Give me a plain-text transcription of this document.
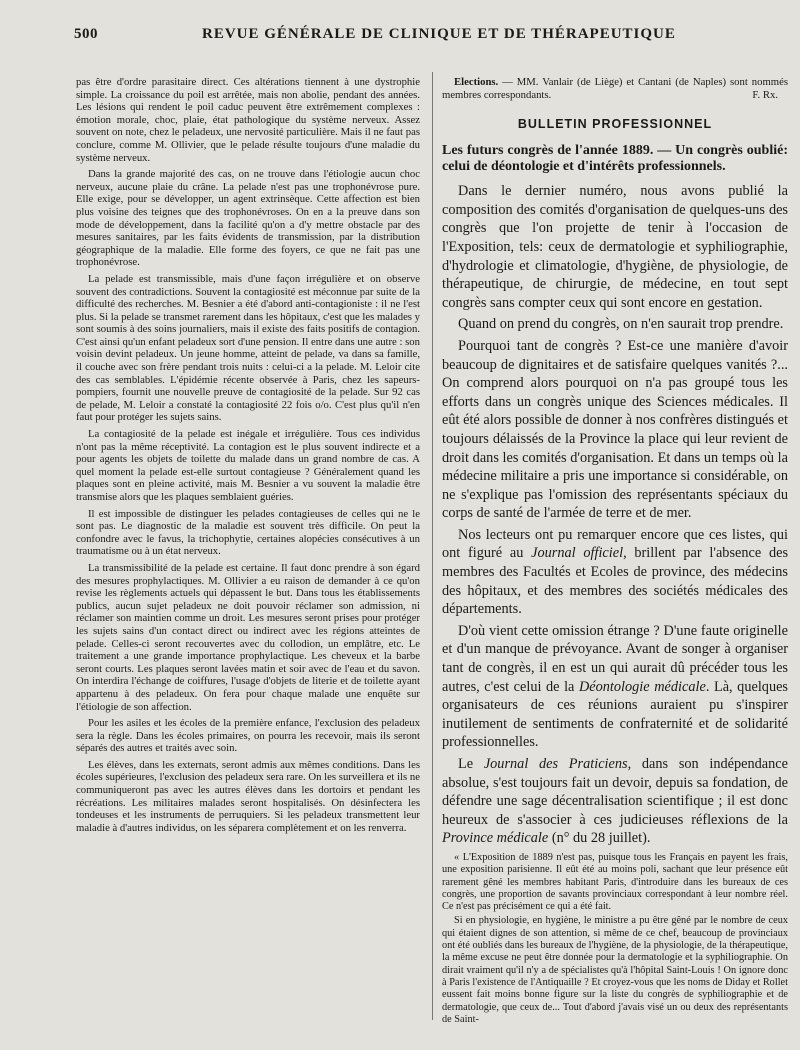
500	REVUE GÉNÉRALE DE CLINIQUE ET DE THÉRAPEUTIQUE

pas être d'ordre parasitaire direct. Ces altérations tiennent à une dystrophie simple. La croissance du poil est arrêtée, mais non abolie, pendant des années. Les lésions qui rendent le poil caduc peuvent être extrêmement complexes : émotion morale, choc, plaie, état pathologique du système nerveux. Assez souvent on note, chez le peladeux, une nervosité particulière. Mais il ne faut pas conclure, comme M. Ollivier, que le pelade résulte toujours d'une maladie du système nerveux.

Dans la grande majorité des cas, on ne trouve dans l'étiologie aucun choc nerveux, aucune plaie du crâne. La pelade n'est pas une trophonévrose pure. Elle exige, pour se développer, un agent extrinsèque. Cette affection est bien plus voisine des teignes que des trophonévroses. On en a la preuve dans son mode de développement, dans la facilité qu'on a d'y mettre obstacle par des mesures sanitaires, par les faits évidents de transmission, par la distribution géographique de la maladie. Elle forme des foyers, ce que ne fait pas une trophonévrose.

La pelade est transmissible, mais d'une façon irrégulière et on observe souvent des contradictions. Souvent la contagiosité est méconnue par suite de la difficulté des recherches. M. Besnier a été d'abord anti-contagioniste : il ne l'est plus. Si la pelade se transmet rarement dans les hôpitaux, c'est que les malades y sont soumis à des soins journaliers, mais il existe des faits positifs de contagion. C'est ainsi qu'un enfant peladeux sort d'une pension. Il entre dans une autre : son voisin devint peladeux. Un jeune homme, atteint de pelade, va dans sa famille, il couche avec son frère pendant trois nuits : celui-ci a la pelade. M. Leloir cite des cas semblables. L'épidémie récente observée à Paris, chez les sapeurs-pompiers, fournit une nouvelle preuve de contagiosité de la pelade. Sur 92 cas de pelade, M. Leloir a constaté la contagiosité 22 fois o/o. C'est plus qu'il n'en faut pour protéger les sujets sains.

La contagiosité de la pelade est inégale et irrégulière. Tous ces individus n'ont pas la même réceptivité. La contagion est le plus souvent indirecte et a pour agents les objets de toilette du malade dans un grand nombre de cas. A quel moment la pelade est-elle surtout contagieuse ? Généralement quand les plaques sont en pleine activité, mais M. Besnier a vu souvent la maladie être transmise alors que les plaques semblaient guéries.

Il est impossible de distinguer les pelades contagieuses de celles qui ne le sont pas. Le diagnostic de la maladie est souvent très difficile. On peut la confondre avec le favus, la trichophytie, certaines alopécies consécutives à un traumatisme ou à un état nerveux.

La transmissibilité de la pelade est certaine. Il faut donc prendre à son égard des mesures prophylactiques. M. Ollivier a eu raison de demander à ce qu'on revise les règlements actuels qui dépassent le but. Dans tous les établissements publics, aucun sujet peladeux ne doit pouvoir réclamer son admission, ni réclamer son maintien comme un droit. Les mesures seront prises pour protéger les sujets sains d'un contact direct ou indirect avec les régions atteintes de pelade. Celles-ci seront recouvertes avec du collodion, un emplâtre, etc. Le traitement a une grande importance prophylactique. Les cheveux et la barbe seront courts. Les plaques seront lavées matin et soir avec de l'eau et du savon. On interdira l'échange de coiffures, l'usage d'objets de literie et de toilette ayant appartenu à des peladeux. On fera pour chaque malade une enquête sur l'étiologie de son affection.

Pour les asiles et les écoles de la première enfance, l'exclusion des peladeux sera la règle. Dans les écoles primaires, on pourra les recevoir, mais ils seront séparés des autres et traités avec soin.

Les élèves, dans les externats, seront admis aux mêmes conditions. Dans les écoles supérieures, l'exclusion des peladeux sera rare. On les surveillera et ils ne communiqueront pas avec les autres élèves dans les dortoirs et pendant les récréations. Les militaires malades seront hospitalisés. On désinfectera les tondeuses et les instruments de perruquiers. Si les peladeux transmettent leur maladie à d'autres individus, on les séparera complètement et on les renverra.

Elections. — MM. Vanlair (de Liège) et Cantani (de Naples) sont nommés membres correspondants.	F. Rx.

BULLETIN PROFESSIONNEL

Les futurs congrès de l'année 1889. — Un congrès oublié: celui de déontologie et d'intérêts professionnels.

Dans le dernier numéro, nous avons publié la composition des comités d'organisation de quelques-uns des congrès que l'on projette de tenir à l'occasion de l'Exposition, tels: ceux de dermatologie et syphiliographie, d'hydrologie et climatologie, d'hygiène, de physiologie, de thérapeutique, de chirurgie, de médecine, en tout sept congrès sans compter ceux qui sont encore en gestation.

Quand on prend du congrès, on n'en saurait trop prendre.

Pourquoi tant de congrès ? Est-ce une manière d'avoir beaucoup de dignitaires et de satisfaire quelques vanités ?... On comprend alors pourquoi on n'a pas groupé tous les efforts dans un congrès unique des Sciences médicales. Il eût été alors possible de donner à nos confrères distingués et toujours délaissés de la Province la place qui leur revient de droit dans les comités d'organisation. Et dans un temps où la médecine militaire a pris une importance si considérable, on ne s'explique pas l'omission des représentants spéciaux du corps de santé de l'armée de terre et de mer.

Nos lecteurs ont pu remarquer encore que ces listes, qui ont figuré au Journal officiel, brillent par l'absence des membres des Facultés et Ecoles de province, des médecins des hôpitaux, et des membres des sociétés médicales des départements.

D'où vient cette omission étrange ? D'une faute originelle et d'un manque de prévoyance. Avant de songer à organiser tant de congrès, il en est un qui aurait dû précéder tous les autres, c'est celui de la Déontologie médicale. Là, quelques organisateurs de ces réunions auraient pu s'inspirer inutilement de sentiments de confraternité et de solidarité professionnelles.

Le Journal des Praticiens, dans son indépendance absolue, s'est toujours fait un devoir, depuis sa fondation, de défendre une sage décentralisation scientifique ; il est donc heureux de s'associer à ces judicieuses réflexions de la Province médicale (n° du 28 juillet).

« L'Exposition de 1889 n'est pas, puisque tous les Français en payent les frais, une exposition parisienne. Il eût été au moins poli, sachant que leur présence eût rarement gêné les membres habitant Paris, d'introduire dans les bureaux de ces congrès, une proportion de savants provinciaux correspondant à leur nombre réel. Ce n'est pas précisément ce qui a été fait.

Si en physiologie, en hygiène, le ministre a pu être gêné par le nombre de ceux qui étaient dignes de son attention, si même de ce chef, beaucoup de provinciaux ont été oubliés dans les bureaux de l'hygiène, de la physiologie, de la thérapeutique, la même excuse ne peut être donnée pour la dermatologie et la syphiliographie. On dirait vraiment qu'il n'y a de spécialistes qu'à l'hôpital Saint-Louis ! On ignore donc à Paris l'existence de l'Antiquaille ? Et croyez-vous que les noms de Diday et Rollet eussent fait moins bonne figure sur la liste du congrès de syphiliographie et de dermatologie, que ceux de... Tout d'abord j'avais visé un ou deux des représentants de Saint-
